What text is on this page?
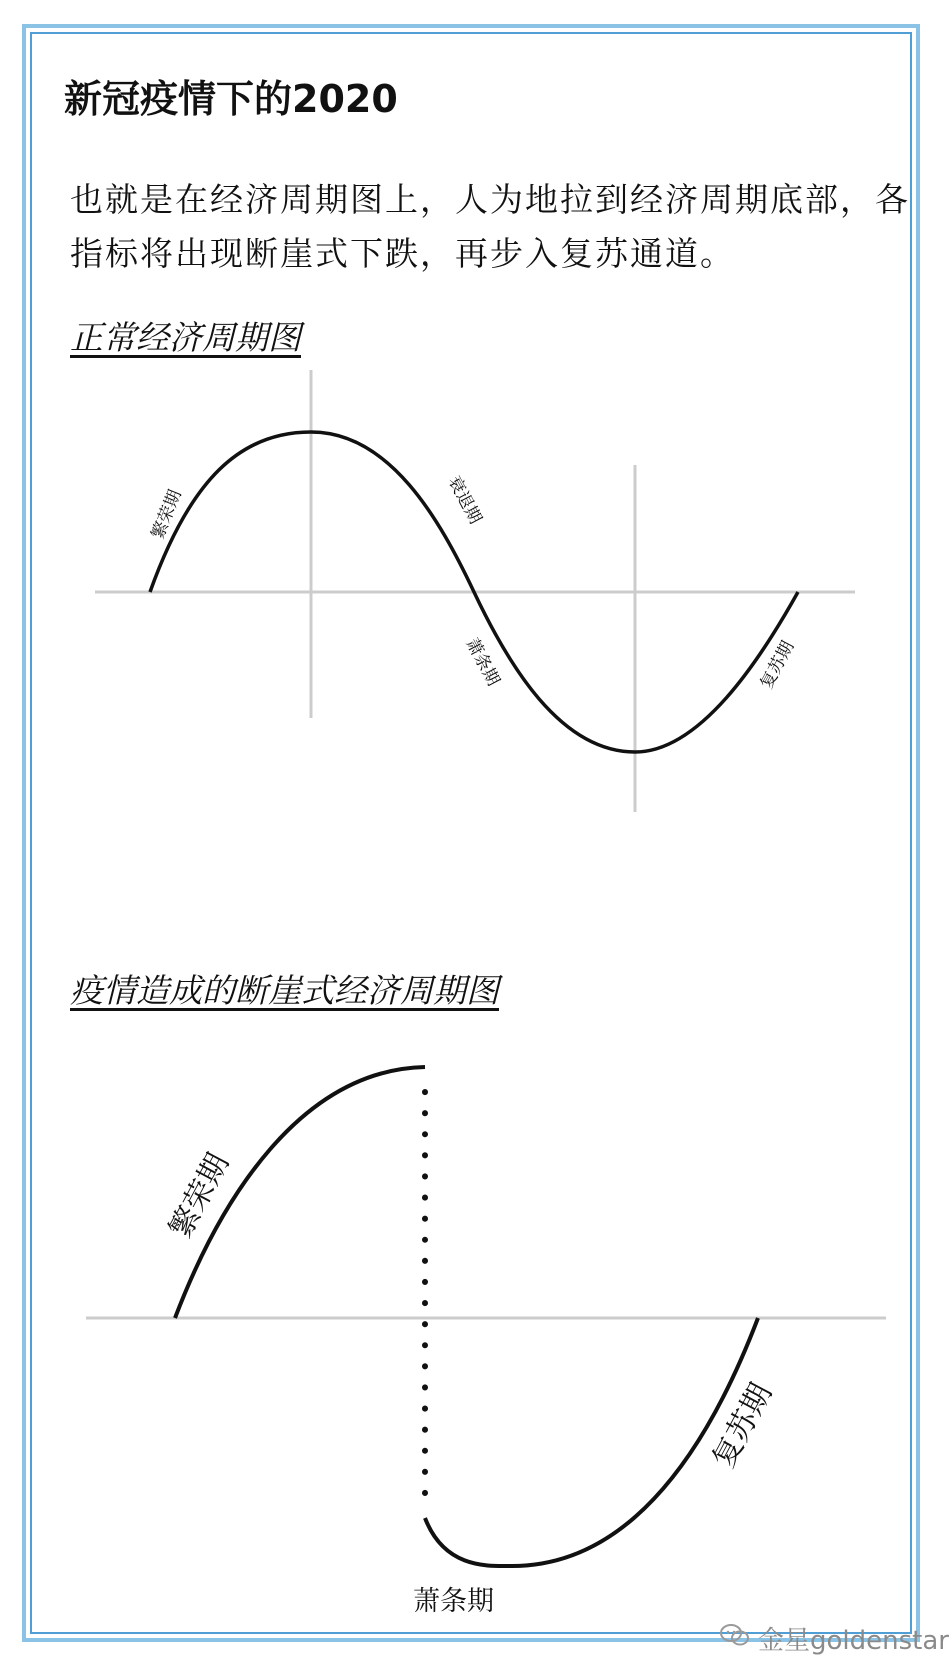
新冠疫情下的2020
也就是在经济周期图上，人为地拉到经济周期底部，各指标将出现断崖式下跌，再步入复苏通道。
正常经济周期图
繁荣期	衰退期
萧条期	复苏期
疫情造成的断崖式经济周期图
繁荣期
萧条期
复苏期
金星goldenstar
